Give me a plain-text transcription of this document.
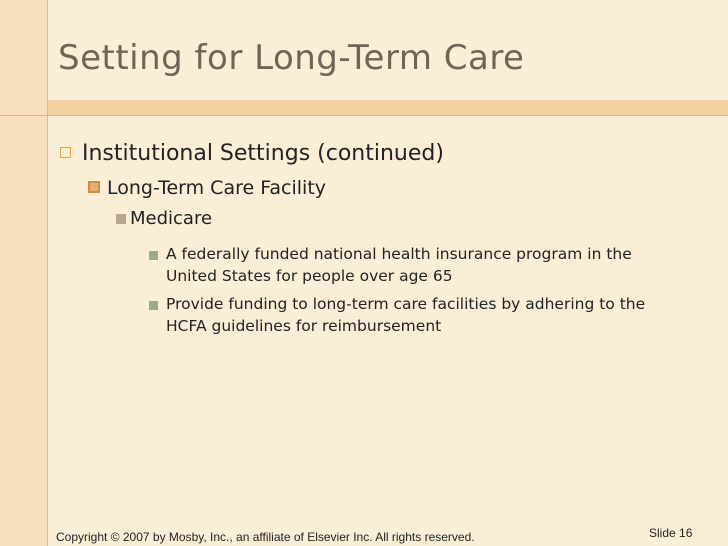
Setting for Long-Term Care
Institutional Settings (continued)
Long-Term Care Facility
Medicare
A federally funded national health insurance program in the United States for people over age 65
Provide funding to long-term care facilities by adhering to the HCFA guidelines for reimbursement
Copyright © 2007 by Mosby, Inc., an affiliate of Elsevier Inc. All rights reserved.	Slide 16
